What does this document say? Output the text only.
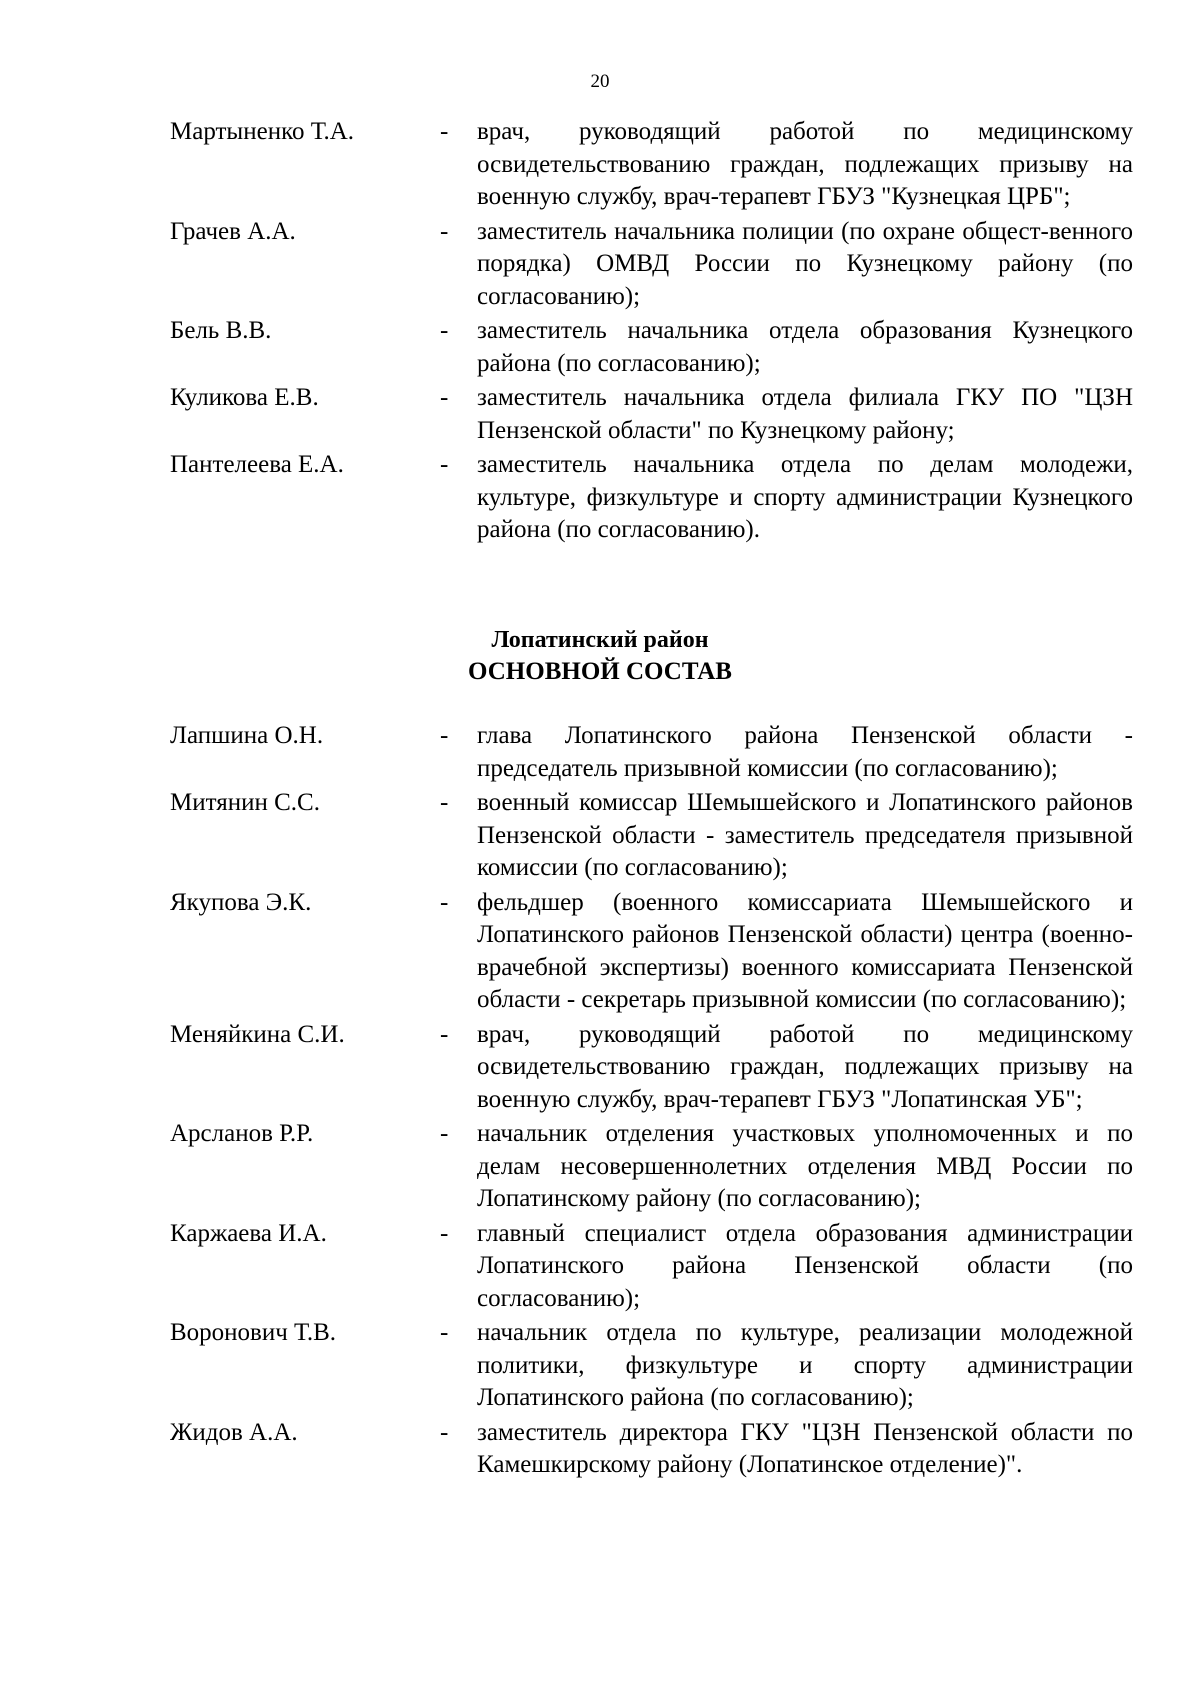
20
Мартыненко Т.А.	-	врач, руководящий работой по медицинскому освидетельствованию граждан, подлежащих призыву на военную службу, врач-терапевт ГБУЗ "Кузнецкая ЦРБ";
Грачев А.А.	-	заместитель начальника полиции (по охране общест-венного порядка) ОМВД России по Кузнецкому району (по согласованию);
Бель В.В.	-	заместитель начальника отдела образования Кузнецкого района (по согласованию);
Куликова Е.В.	-	заместитель начальника отдела филиала ГКУ ПО "ЦЗН Пензенской области" по Кузнецкому району;
Пантелеева Е.А.	-	заместитель начальника отдела по делам молодежи, культуре, физкультуре и спорту администрации Кузнецкого района (по согласованию).
Лопатинский район
ОСНОВНОЙ СОСТАВ
Лапшина О.Н.	-	глава Лопатинского района Пензенской области - председатель призывной комиссии (по согласованию);
Митянин С.С.	-	военный комиссар Шемышейского и Лопатинского районов Пензенской области - заместитель председателя призывной комиссии (по согласованию);
Якупова Э.К.	-	фельдшер (военного комиссариата Шемышейского и Лопатинского районов Пензенской области) центра (военно-врачебной экспертизы) военного комиссариата Пензенской области - секретарь призывной комиссии (по согласованию);
Меняйкина С.И.	-	врач, руководящий работой по медицинскому освидетельствованию граждан, подлежащих призыву на военную службу, врач-терапевт ГБУЗ "Лопатинская УБ";
Арсланов Р.Р.	-	начальник отделения участковых уполномоченных и по делам несовершеннолетних отделения МВД России по Лопатинскому району (по согласованию);
Каржаева И.А.	-	главный специалист отдела образования администрации Лопатинского района Пензенской области (по согласованию);
Воронович Т.В.	-	начальник отдела по культуре, реализации молодежной политики, физкультуре и спорту администрации Лопатинского района (по согласованию);
Жидов А.А.	-	заместитель директора ГКУ "ЦЗН Пензенской области по Камешкирскому району (Лопатинское отделение)".
